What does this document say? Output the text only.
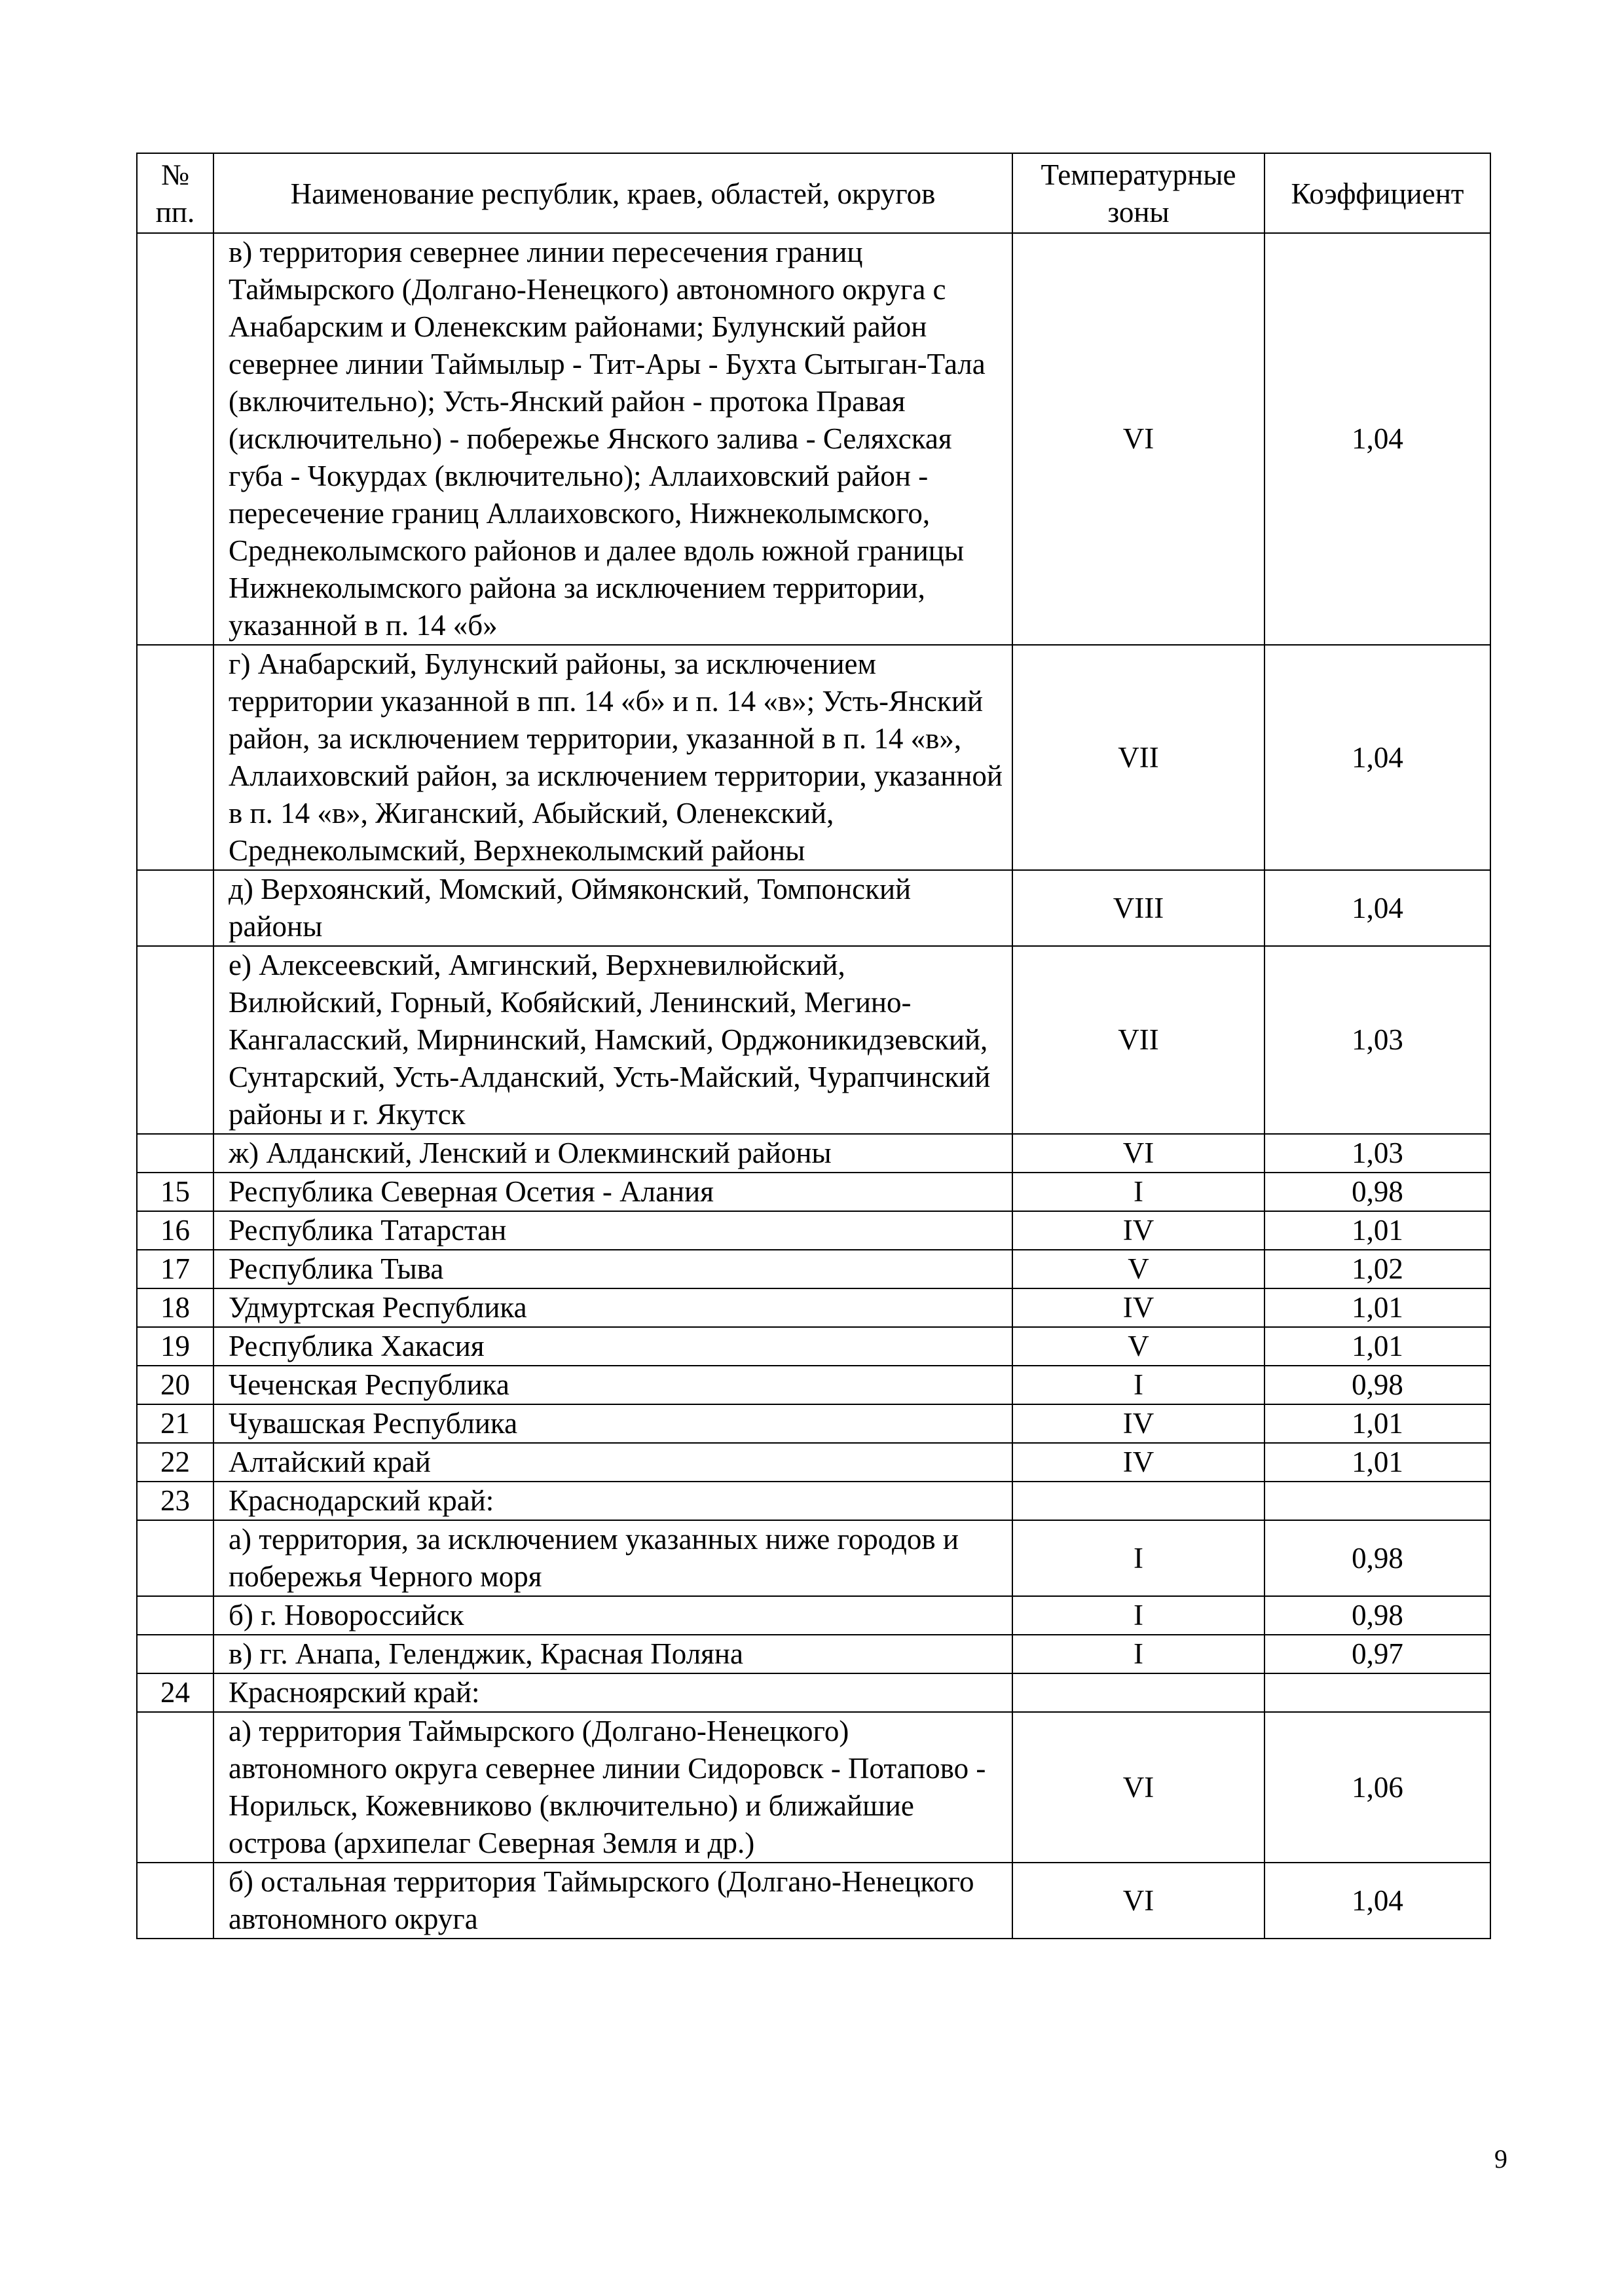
№ пп.	Наименование республик, краев, областей, округов	Температурные зоны	Коэффициент
	в) территория севернее линии пересечения границ Таймырского (Долгано-Ненецкого) автономного округа с Анабарским и Оленекским районами; Булунский район севернее линии Таймылыр - Тит-Ары - Бухта Сытыган-Тала (включительно); Усть-Янский район - протока Правая (исключительно) - побережье Янского залива - Селяхская губа - Чокурдах (включительно); Аллаиховский район - пересечение границ Аллаиховского, Нижнеколымского, Среднеколымского районов и далее вдоль южной границы Нижнеколымского района за исключением территории, указанной в п. 14 «б»	VI	1,04
	г) Анабарский, Булунский районы, за исключением территории указанной в пп. 14 «б» и п. 14 «в»; Усть-Янский район, за исключением территории, указанной в п. 14 «в», Аллаиховский район, за исключением территории, указанной в п. 14 «в», Жиганский, Абыйский, Оленекский, Среднеколымский, Верхнеколымский районы	VII	1,04
	д) Верхоянский, Момский, Оймяконский, Томпонский районы	VIII	1,04
	е) Алексеевский, Амгинский, Верхневилюйский, Вилюйский, Горный, Кобяйский, Ленинский, Мегино-Кангаласский, Мирнинский, Намский, Орджоникидзевский, Сунтарский, Усть-Алданский, Усть-Майский, Чурапчинский районы и г. Якутск	VII	1,03
	ж) Алданский, Ленский и Олекминский районы	VI	1,03
15	Республика Северная Осетия - Алания	I	0,98
16	Республика Татарстан	IV	1,01
17	Республика Тыва	V	1,02
18	Удмуртская Республика	IV	1,01
19	Республика Хакасия	V	1,01
20	Чеченская Республика	I	0,98
21	Чувашская Республика	IV	1,01
22	Алтайский край	IV	1,01
23	Краснодарский край:		
	а) территория, за исключением указанных ниже городов и побережья Черного моря	I	0,98
	б) г. Новороссийск	I	0,98
	в) гг. Анапа, Геленджик, Красная Поляна	I	0,97
24	Красноярский край:		
	а) территория Таймырского (Долгано-Ненецкого) автономного округа севернее линии Сидоровск - Потапово - Норильск, Кожевниково (включительно) и ближайшие острова (архипелаг Северная Земля и др.)	VI	1,06
	б) остальная территория Таймырского (Долгано-Ненецкого автономного округа	VI	1,04
9
